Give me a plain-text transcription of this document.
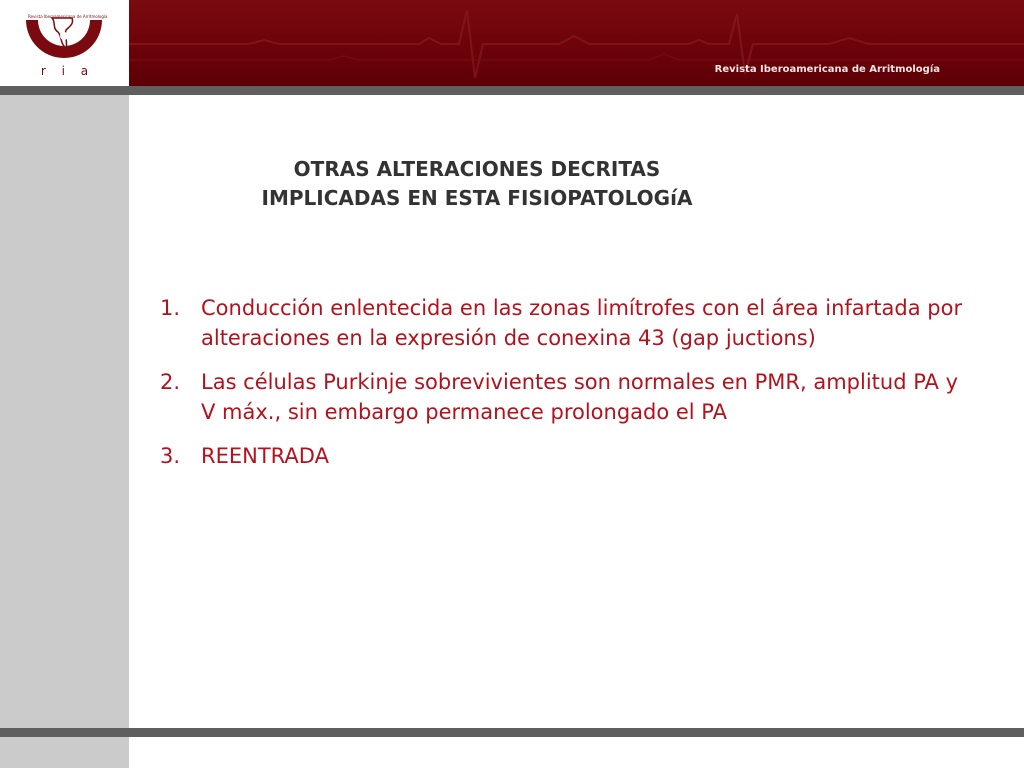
Revista Iberoamericana de Arritmología
r i a	Revista Iberoamericana de Arritmología
OTRAS ALTERACIONES DECRITAS
IMPLICADAS EN ESTA FISIOPATOLOGíA
1. Conducción enlentecida en las zonas limítrofes con el área infartada por alteraciones en la expresión de conexina 43 (gap juctions)
2. Las células Purkinje sobrevivientes son normales en PMR, amplitud PA y V máx., sin embargo permanece prolongado el PA
3. REENTRADA
